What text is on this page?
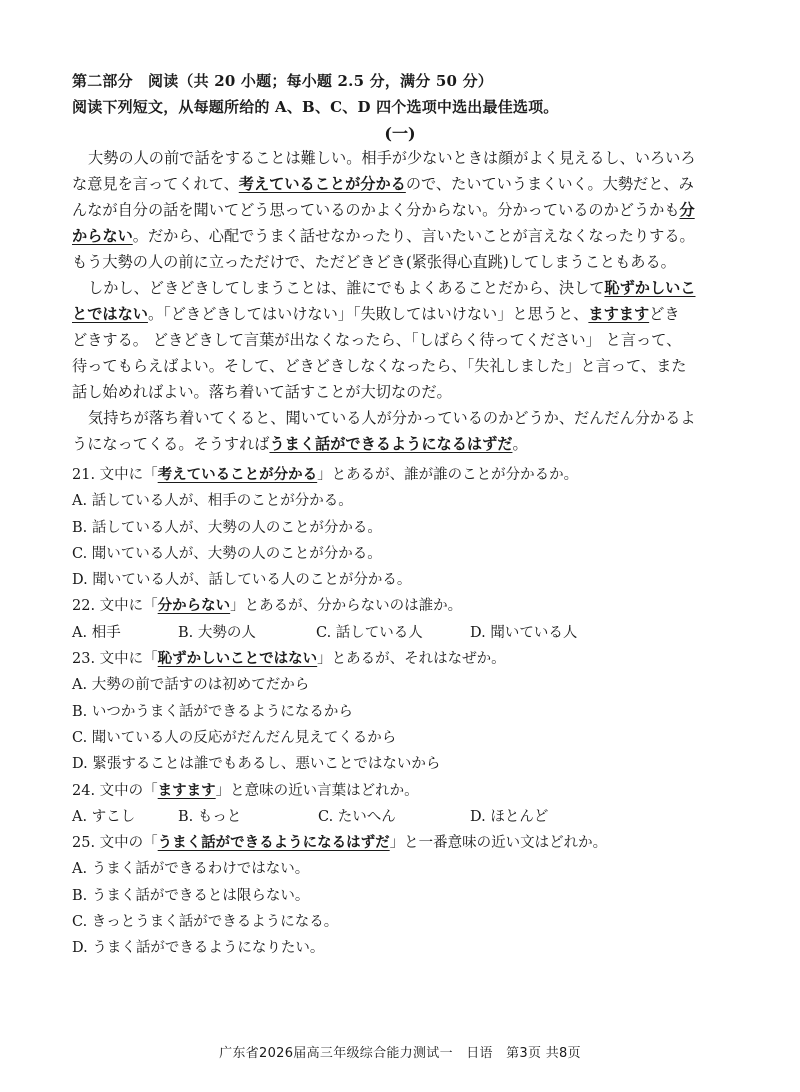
第二部分　阅读（共 20 小题；每小题 2.5 分，满分 50 分）
阅读下列短文，从每题所给的 A、B、C、D 四个选项中选出最佳选项。
(一)
大勢の人の前で話をすることは難しい。相手が少ないときは顔がよく見えるし、いろいろ
な意見を言ってくれて、考えていることが分かるので、たいていうまくいく。大勢だと、み
んなが自分の話を聞いてどう思っているのかよく分からない。分かっているのかどうかも分
からない。だから、心配でうまく話せなかったり、言いたいことが言えなくなったりする。
もう大勢の人の前に立っただけで、ただどきどき(紧张得心直跳)してしまうこともある。
しかし、どきどきしてしまうことは、誰にでもよくあることだから、決して恥ずかしいこ
とではない。「どきどきしてはいけない」「失敗してはいけない」と思うと、ますますどき
どきする。 どきどきして言葉が出なくなったら、「しばらく待ってください」 と言って、
待ってもらえばよい。そして、どきどきしなくなったら、「失礼しました」と言って、また
話し始めればよい。落ち着いて話すことが大切なのだ。
気持ちが落ち着いてくると、聞いている人が分かっているのかどうか、だんだん分かるよ
うになってくる。そうすればうまく話ができるようになるはずだ。
21. 文中に「考えていることが分かる」とあるが、誰が誰のことが分かるか。
A. 話している人が、相手のことが分かる。
B. 話している人が、大勢の人のことが分かる。
C. 聞いている人が、大勢の人のことが分かる。
D. 聞いている人が、話している人のことが分かる。
22. 文中に「分からない」とあるが、分からないのは誰か。
A. 相手	B. 大勢の人	C. 話している人	D. 聞いている人
23. 文中に「恥ずかしいことではない」とあるが、それはなぜか。
A. 大勢の前で話すのは初めてだから
B. いつかうまく話ができるようになるから
C. 聞いている人の反応がだんだん見えてくるから
D. 緊張することは誰でもあるし、悪いことではないから
24. 文中の「ますます」と意味の近い言葉はどれか。
A. すこし	B. もっと	C. たいへん	D. ほとんど
25. 文中の「うまく話ができるようになるはずだ」と一番意味の近い文はどれか。
A. うまく話ができるわけではない。
B. うまく話ができるとは限らない。
C. きっとうまく話ができるようになる。
D. うまく話ができるようになりたい。
广东省2026届高三年级综合能力测试一　日语　第3页 共8页
